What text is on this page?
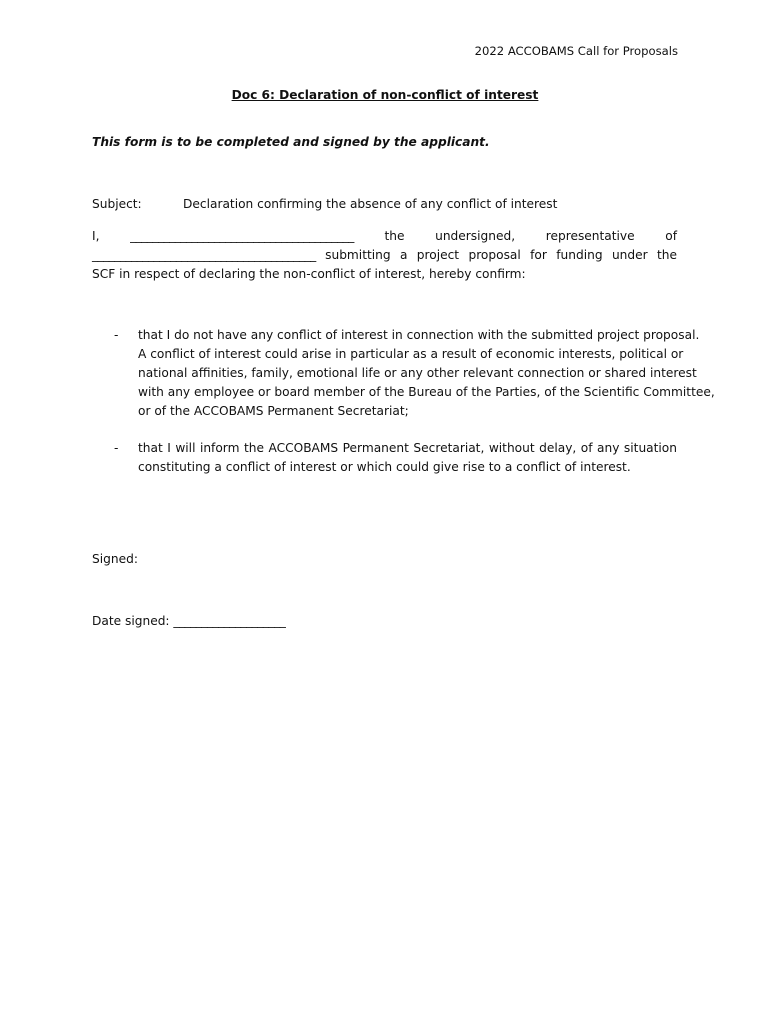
2022 ACCOBAMS Call for Proposals
Doc 6: Declaration of non-conflict of interest
This form is to be completed and signed by the applicant.
Subject:	Declaration confirming the absence of any conflict of interest
I,	________________________________________	the	undersigned,	representative	of
________________________________________ submitting a project proposal for funding under the
SCF in respect of declaring the non-conflict of interest, hereby confirm:
- that I do not have any conflict of interest in connection with the submitted project proposal.
A conflict of interest could arise in particular as a result of economic interests, political or
national affinities, family, emotional life or any other relevant connection or shared interest
with any employee or board member of the Bureau of the Parties, of the Scientific Committee,
or of the ACCOBAMS Permanent Secretariat;
- that I will inform the ACCOBAMS Permanent Secretariat, without delay, of any situation
constituting a conflict of interest or which could give rise to a conflict of interest.
Signed:
Date signed: ____________________
